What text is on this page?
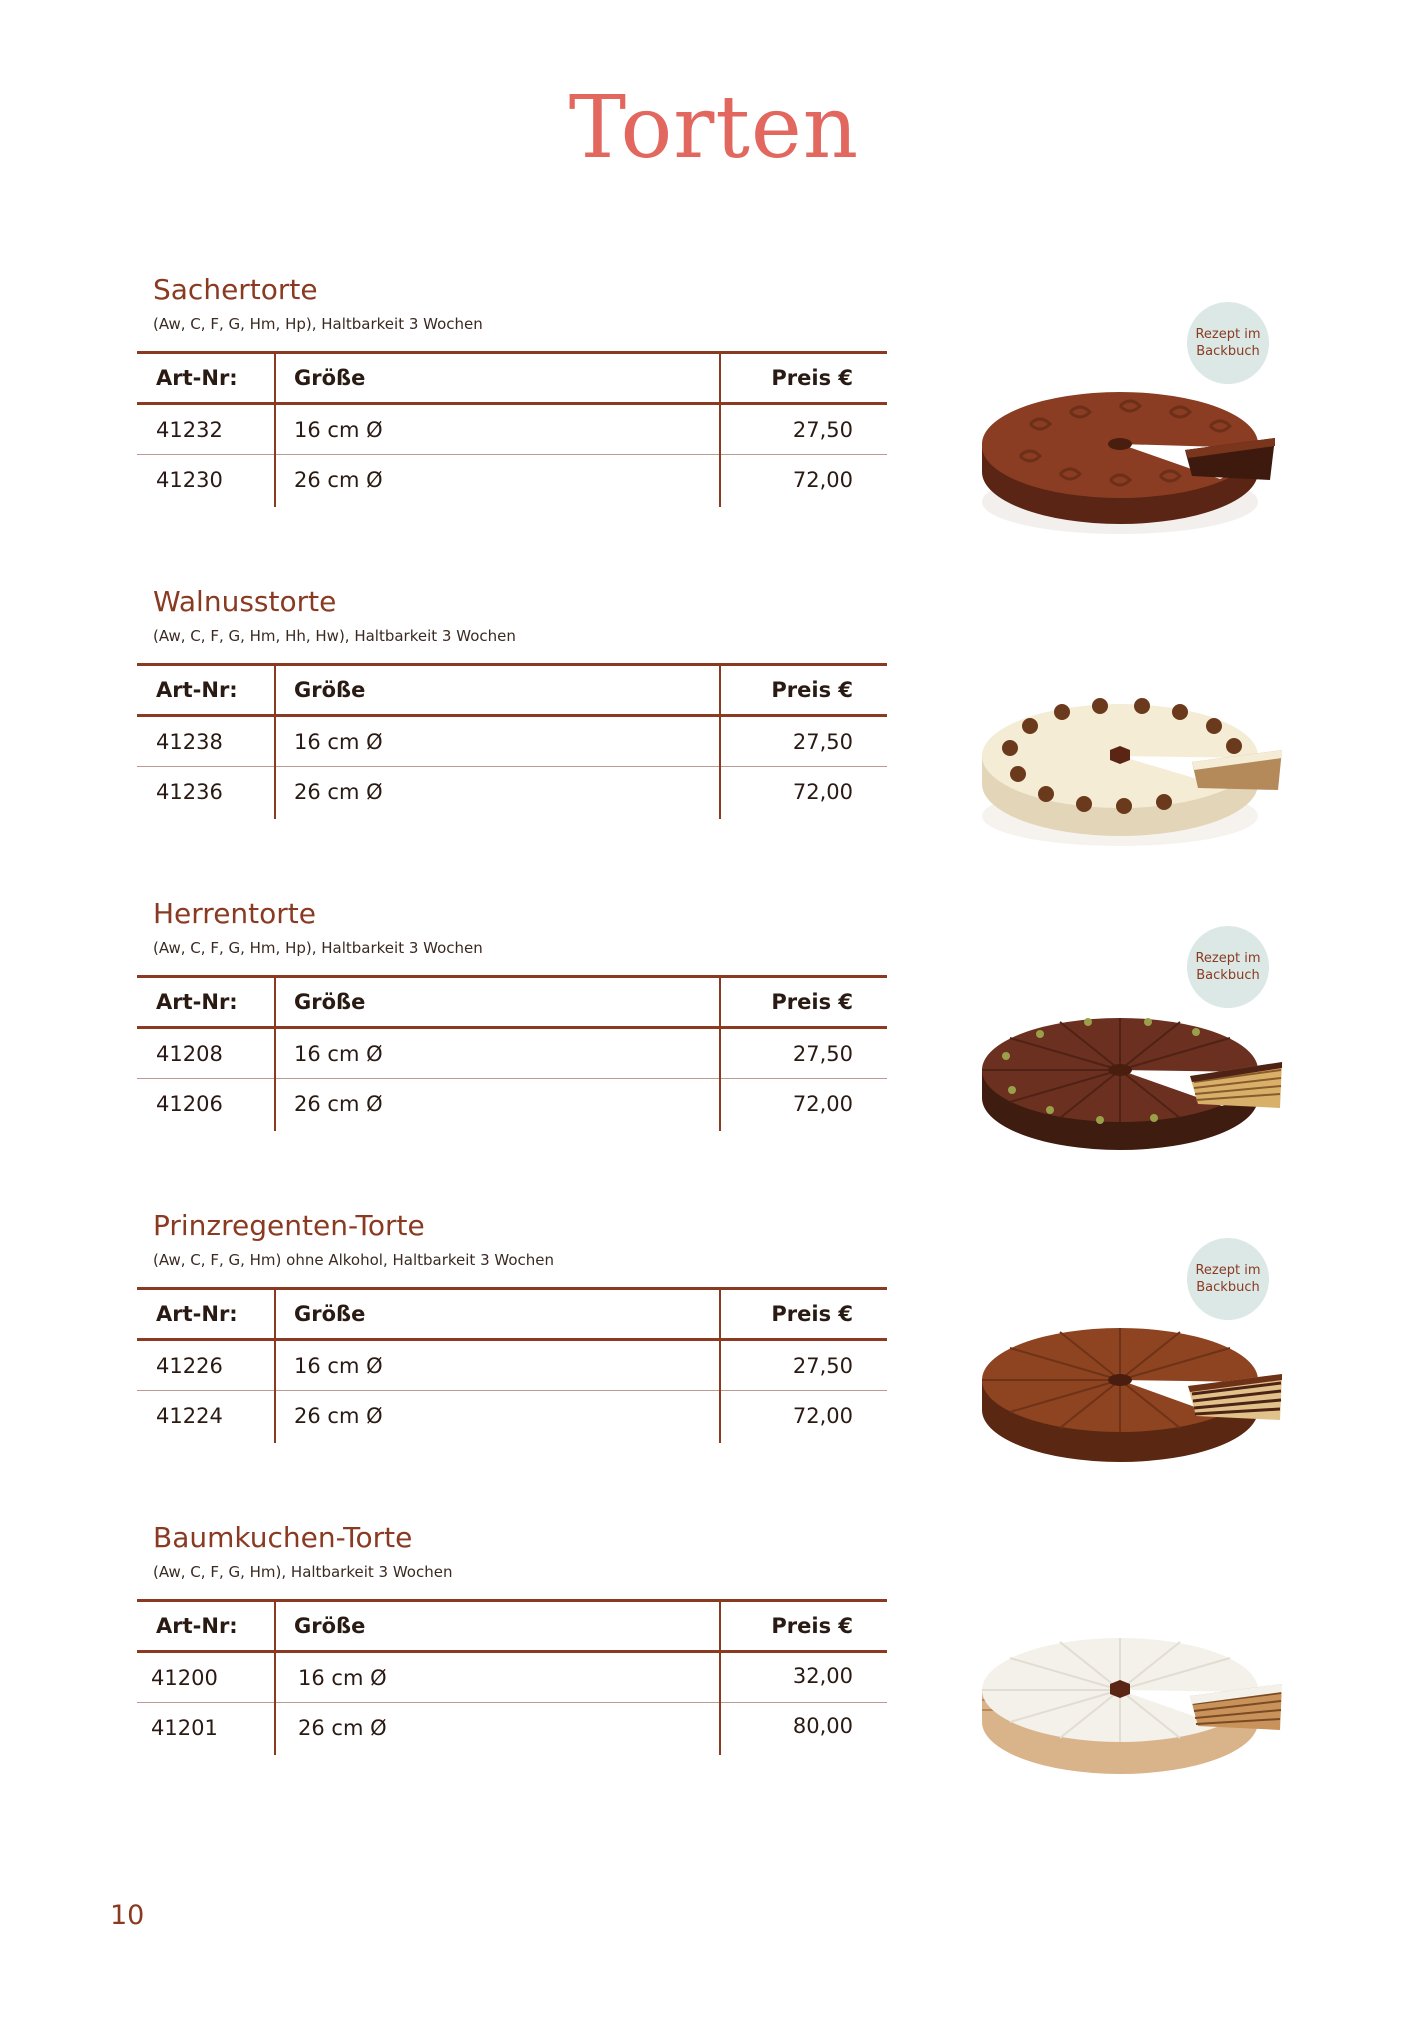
Torten
Sachertorte
(Aw, C, F, G, Hm, Hp), Haltbarkeit 3 Wochen
Art-Nr:	Größe	Preis €
41232	16 cm Ø	27,50
41230	26 cm Ø	72,00
Rezept im
Backbuch
Walnusstorte
(Aw, C, F, G, Hm, Hh, Hw), Haltbarkeit 3 Wochen
Art-Nr:	Größe	Preis €
41238	16 cm Ø	27,50
41236	26 cm Ø	72,00
Herrentorte
(Aw, C, F, G, Hm, Hp), Haltbarkeit 3 Wochen
Art-Nr:	Größe	Preis €
41208	16 cm Ø	27,50
41206	26 cm Ø	72,00
Rezept im
Backbuch
Prinzregenten-Torte
(Aw, C, F, G, Hm) ohne Alkohol, Haltbarkeit 3 Wochen
Art-Nr:	Größe	Preis €
41226	16 cm Ø	27,50
41224	26 cm Ø	72,00
Rezept im
Backbuch
Baumkuchen-Torte
(Aw, C, F, G, Hm), Haltbarkeit 3 Wochen
Art-Nr:	Größe	Preis €
41200	16 cm Ø	32,00
41201	26 cm Ø	80,00
10
